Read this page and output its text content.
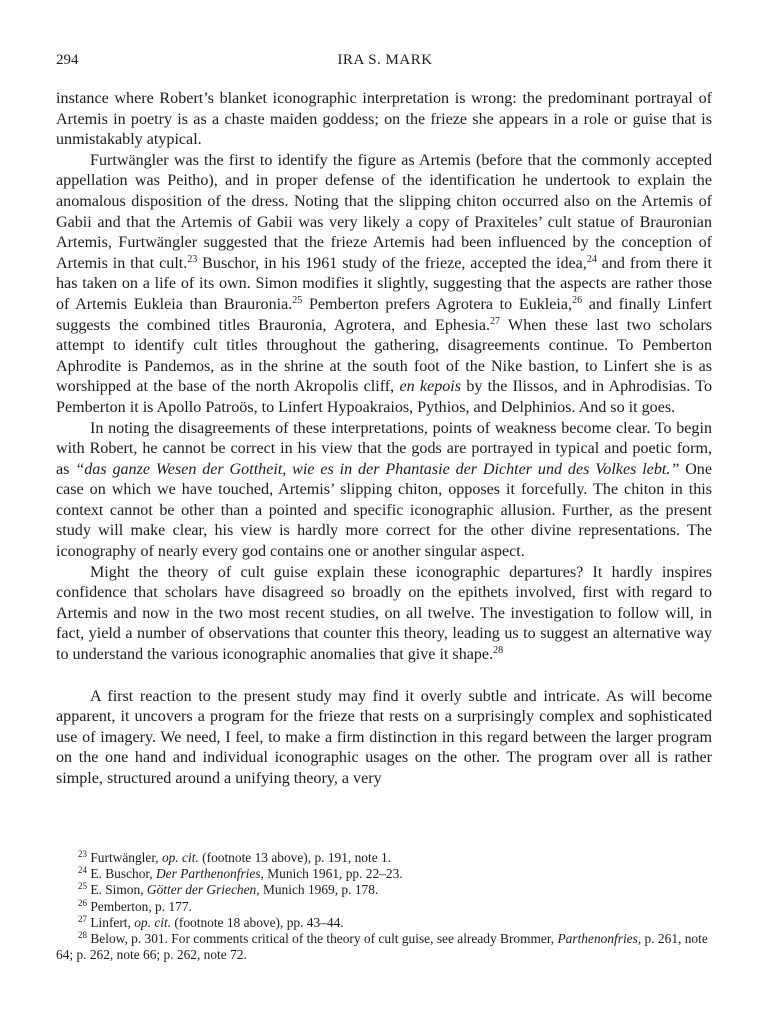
294	IRA S. MARK

instance where Robert’s blanket iconographic interpretation is wrong: the predominant portrayal of Artemis in poetry is as a chaste maiden goddess; on the frieze she appears in a role or guise that is unmistakably atypical.

Furtwängler was the first to identify the figure as Artemis (before that the commonly accepted appellation was Peitho), and in proper defense of the identification he undertook to explain the anomalous disposition of the dress. Noting that the slipping chiton occurred also on the Artemis of Gabii and that the Artemis of Gabii was very likely a copy of Praxiteles’ cult statue of Brauronian Artemis, Furtwängler suggested that the frieze Artemis had been influenced by the conception of Artemis in that cult.$^{23}$ Buschor, in his 1961 study of the frieze, accepted the idea,$^{24}$ and from there it has taken on a life of its own. Simon modifies it slightly, suggesting that the aspects are rather those of Artemis Eukleia than Brauronia.$^{25}$ Pemberton prefers Agrotera to Eukleia,$^{26}$ and finally Linfert suggests the combined titles Brauronia, Agrotera, and Ephesia.$^{27}$ When these last two scholars attempt to identify cult titles throughout the gathering, disagreements continue. To Pemberton Aphrodite is Pandemos, as in the shrine at the south foot of the Nike bastion, to Linfert she is as worshipped at the base of the north Akropolis cliff, en kepois by the Ilissos, and in Aphrodisias. To Pemberton it is Apollo Patroös, to Linfert Hypoakraios, Pythios, and Delphinios. And so it goes.

In noting the disagreements of these interpretations, points of weakness become clear. To begin with Robert, he cannot be correct in his view that the gods are portrayed in typical and poetic form, as “das ganze Wesen der Gottheit, wie es in der Phantasie der Dichter und des Volkes lebt.” One case on which we have touched, Artemis’ slipping chiton, opposes it forcefully. The chiton in this context cannot be other than a pointed and specific iconographic allusion. Further, as the present study will make clear, his view is hardly more correct for the other divine representations. The iconography of nearly every god contains one or another singular aspect.

Might the theory of cult guise explain these iconographic departures? It hardly inspires confidence that scholars have disagreed so broadly on the epithets involved, first with regard to Artemis and now in the two most recent studies, on all twelve. The investigation to follow will, in fact, yield a number of observations that counter this theory, leading us to suggest an alternative way to understand the various iconographic anomalies that give it shape.$^{28}$

A first reaction to the present study may find it overly subtle and intricate. As will become apparent, it uncovers a program for the frieze that rests on a surprisingly complex and sophisticated use of imagery. We need, I feel, to make a firm distinction in this regard between the larger program on the one hand and individual iconographic usages on the other. The program over all is rather simple, structured around a unifying theory, a very

$^{23}$ Furtwängler, op. cit. (footnote 13 above), p. 191, note 1.
$^{24}$ E. Buschor, Der Parthenonfries, Munich 1961, pp. 22–23.
$^{25}$ E. Simon, Götter der Griechen, Munich 1969, p. 178.
$^{26}$ Pemberton, p. 177.
$^{27}$ Linfert, op. cit. (footnote 18 above), pp. 43–44.
$^{28}$ Below, p. 301. For comments critical of the theory of cult guise, see already Brommer, Parthenonfries, p. 261, note 64; p. 262, note 66; p. 262, note 72.
